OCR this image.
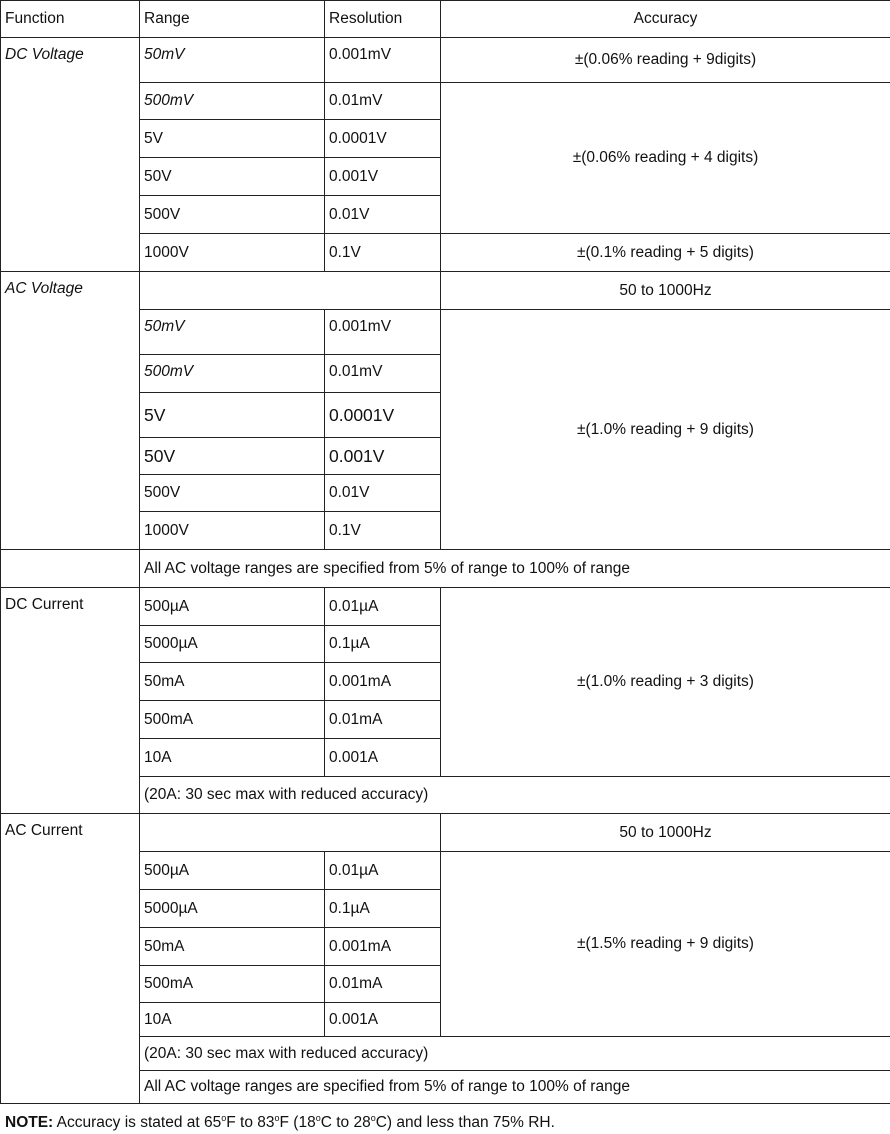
Function	Range	Resolution	Accuracy
DC Voltage	50mV	0.001mV	±(0.06% reading + 9digits)
	500mV	0.01mV	±(0.06% reading + 4 digits)
	5V	0.0001V	
	50V	0.001V	
	500V	0.01V	
	1000V	0.1V	±(0.1% reading + 5 digits)
AC Voltage			50 to 1000Hz
	50mV	0.001mV	±(1.0% reading + 9 digits)
	500mV	0.01mV	
	5V	0.0001V	
	50V	0.001V	
	500V	0.01V	
	1000V	0.1V	
	All AC voltage ranges are specified from 5% of range to 100% of range		
DC Current	500µA	0.01µA	±(1.0% reading + 3 digits)
	5000µA	0.1µA	
	50mA	0.001mA	
	500mA	0.01mA	
	10A	0.001A	
	(20A: 30 sec max with reduced accuracy)		
AC Current			50 to 1000Hz
	500µA	0.01µA	±(1.5% reading + 9 digits)
	5000µA	0.1µA	
	50mA	0.001mA	
	500mA	0.01mA	
	10A	0.001A	
	(20A: 30 sec max with reduced accuracy)		
	All AC voltage ranges are specified from 5% of range to 100% of range		
NOTE: Accuracy is stated at 65$^o$F to 83$^o$F (18$^o$C to 28$^o$C) and less than 75% RH.
